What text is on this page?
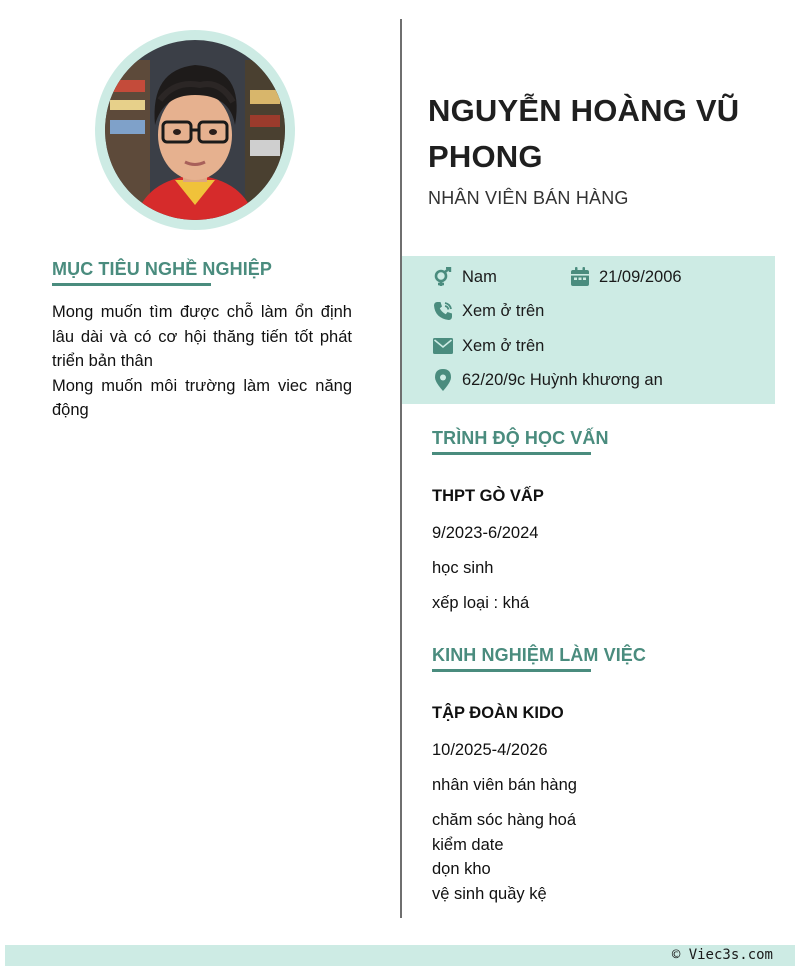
MỤC TIÊU NGHỀ NGHIỆP

Mong muốn tìm được chỗ làm ổn định lâu dài và có cơ hội thăng tiến tốt phát triển bản thân

Mong muốn môi trường làm viec năng động

NGUYỄN HOÀNG VŨ PHONG
NHÂN VIÊN BÁN HÀNG
Nam	21/09/2006
Xem ở trên
Xem ở trên
62/20/9c Huỳnh khương an
TRÌNH ĐỘ HỌC VẤN
THPT GÒ VẤP
9/2023-6/2024
học sinh
xếp loại : khá
KINH NGHIỆM LÀM VIỆC
TẬP ĐOÀN KIDO
10/2025-4/2026
nhân viên bán hàng
chăm sóc hàng hoá
kiểm date
dọn kho
vệ sinh quầy kệ
© Viec3s.com
